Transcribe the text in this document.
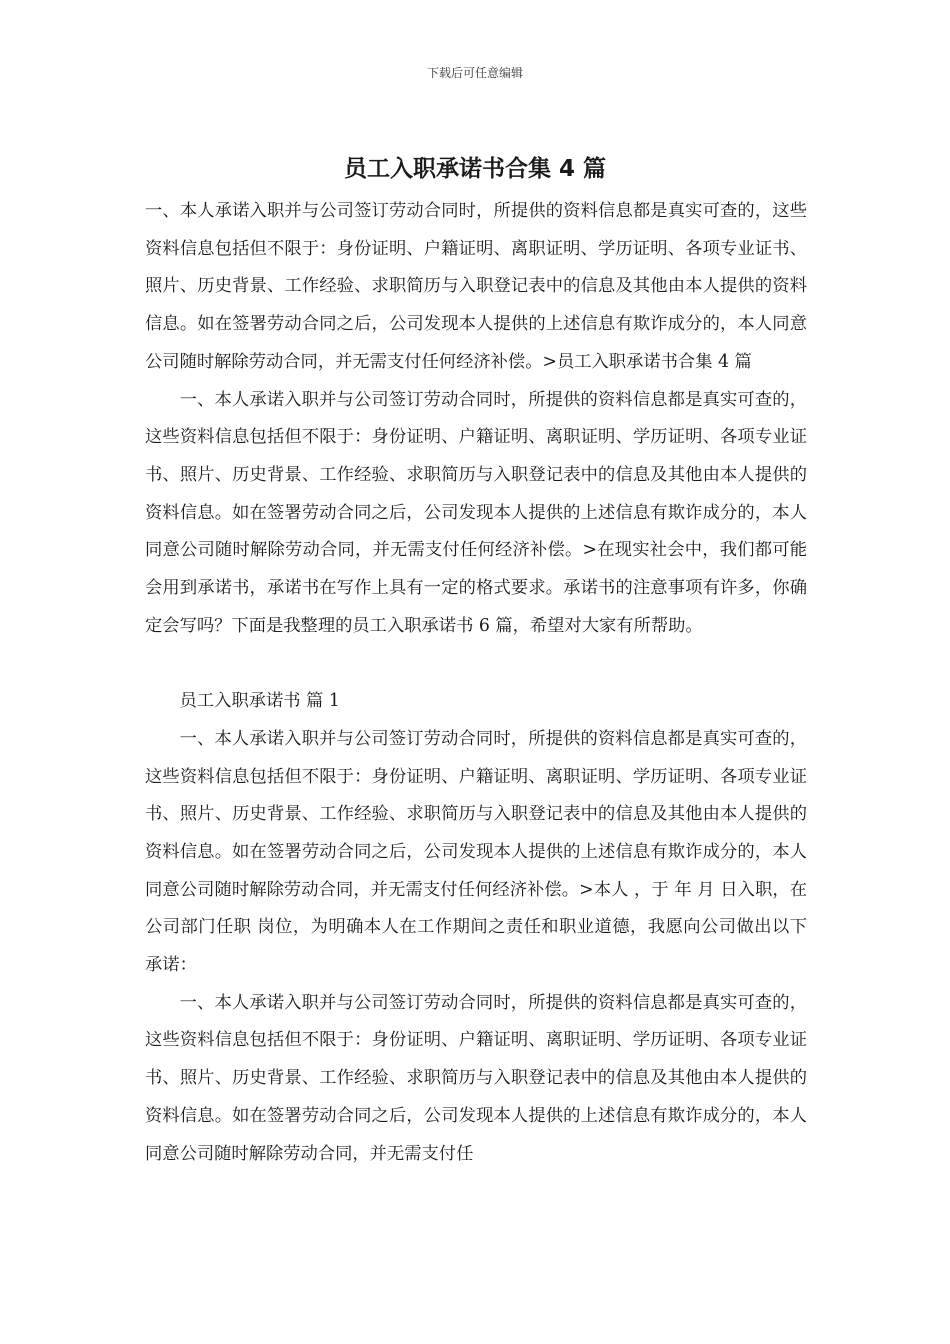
下载后可任意编辑
员工入职承诺书合集 4 篇

一、本人承诺入职并与公司签订劳动合同时，所提供的资料信息都是真实可查的，这些资料信息包括但不限于：身份证明、户籍证明、离职证明、学历证明、各项专业证书、照片、历史背景、工作经验、求职简历与入职登记表中的信息及其他由本人提供的资料信息。如在签署劳动合同之后，公司发现本人提供的上述信息有欺诈成分的，本人同意公司随时解除劳动合同，并无需支付任何经济补偿。>员工入职承诺书合集 4 篇

一、本人承诺入职并与公司签订劳动合同时，所提供的资料信息都是真实可查的，这些资料信息包括但不限于：身份证明、户籍证明、离职证明、学历证明、各项专业证书、照片、历史背景、工作经验、求职简历与入职登记表中的信息及其他由本人提供的资料信息。如在签署劳动合同之后，公司发现本人提供的上述信息有欺诈成分的，本人同意公司随时解除劳动合同，并无需支付任何经济补偿。>在现实社会中，我们都可能会用到承诺书，承诺书在写作上具有一定的格式要求。承诺书的注意事项有许多，你确定会写吗？下面是我整理的员工入职承诺书 6 篇，希望对大家有所帮助。

员工入职承诺书 篇 1

一、本人承诺入职并与公司签订劳动合同时，所提供的资料信息都是真实可查的，这些资料信息包括但不限于：身份证明、户籍证明、离职证明、学历证明、各项专业证书、照片、历史背景、工作经验、求职简历与入职登记表中的信息及其他由本人提供的资料信息。如在签署劳动合同之后，公司发现本人提供的上述信息有欺诈成分的，本人同意公司随时解除劳动合同，并无需支付任何经济补偿。>本人 ，于 年 月 日入职，在 公司部门任职 岗位，为明确本人在工作期间之责任和职业道德，我愿向公司做出以下承诺：

一、本人承诺入职并与公司签订劳动合同时，所提供的资料信息都是真实可查的，这些资料信息包括但不限于：身份证明、户籍证明、离职证明、学历证明、各项专业证书、照片、历史背景、工作经验、求职简历与入职登记表中的信息及其他由本人提供的资料信息。如在签署劳动合同之后，公司发现本人提供的上述信息有欺诈成分的，本人同意公司随时解除劳动合同，并无需支付任
